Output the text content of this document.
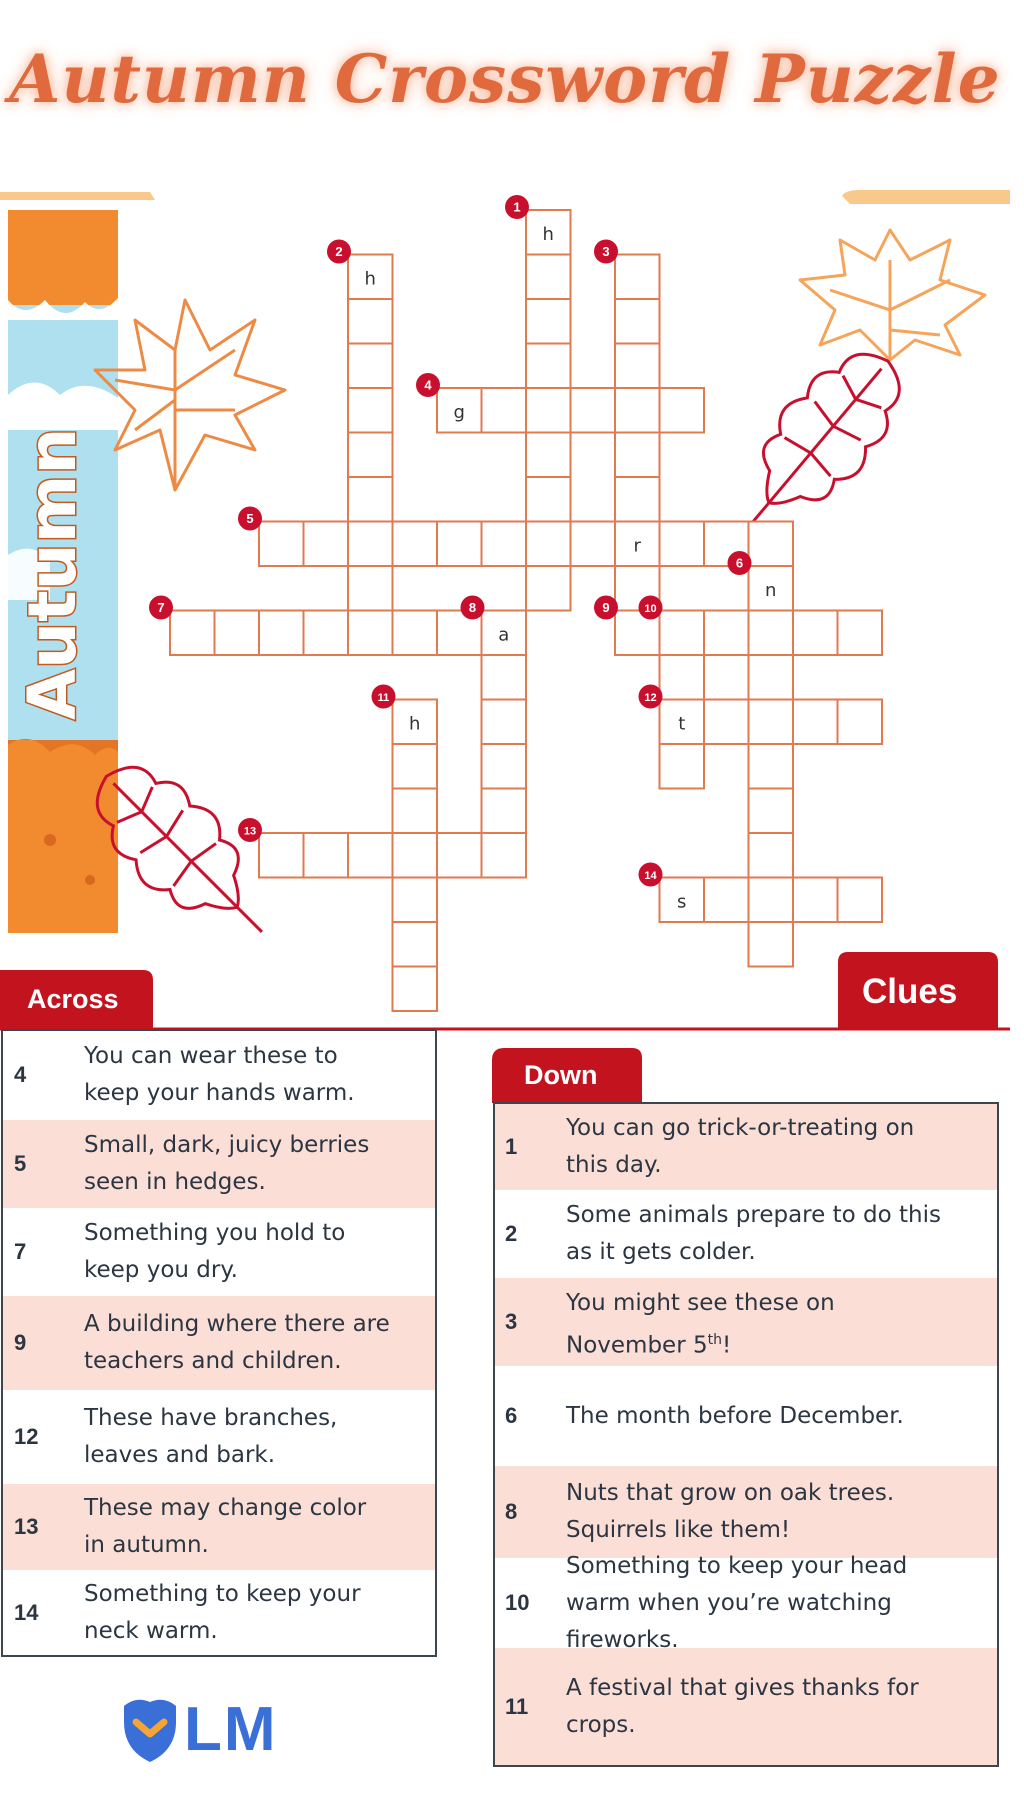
Autumn Crossword Puzzle
Autumn
h
h
g
r
n
a
h	t
s
1
2	3
4
5
6
7	8	9	10
11	12
13
14
Across	Clues
Down
LM
4
You can wear these to
keep your hands warm.
5
Small, dark, juicy berries
seen in hedges.
7
Something you hold to
keep you dry.
9
A building where there are
teachers and children.
12
These have branches,
leaves and bark.
13
These may change color
in autumn.
14
Something to keep your
neck warm.
1
You can go trick-or-treating on
this day.
2
Some animals prepare to do this
as it gets colder.
3
You might see these on
November 5th!
6 The month before December.
8
Nuts that grow on oak trees.
Squirrels like them!
10
Something to keep your head
warm when you’re watching
fireworks.
11
A festival that gives thanks for
crops.
